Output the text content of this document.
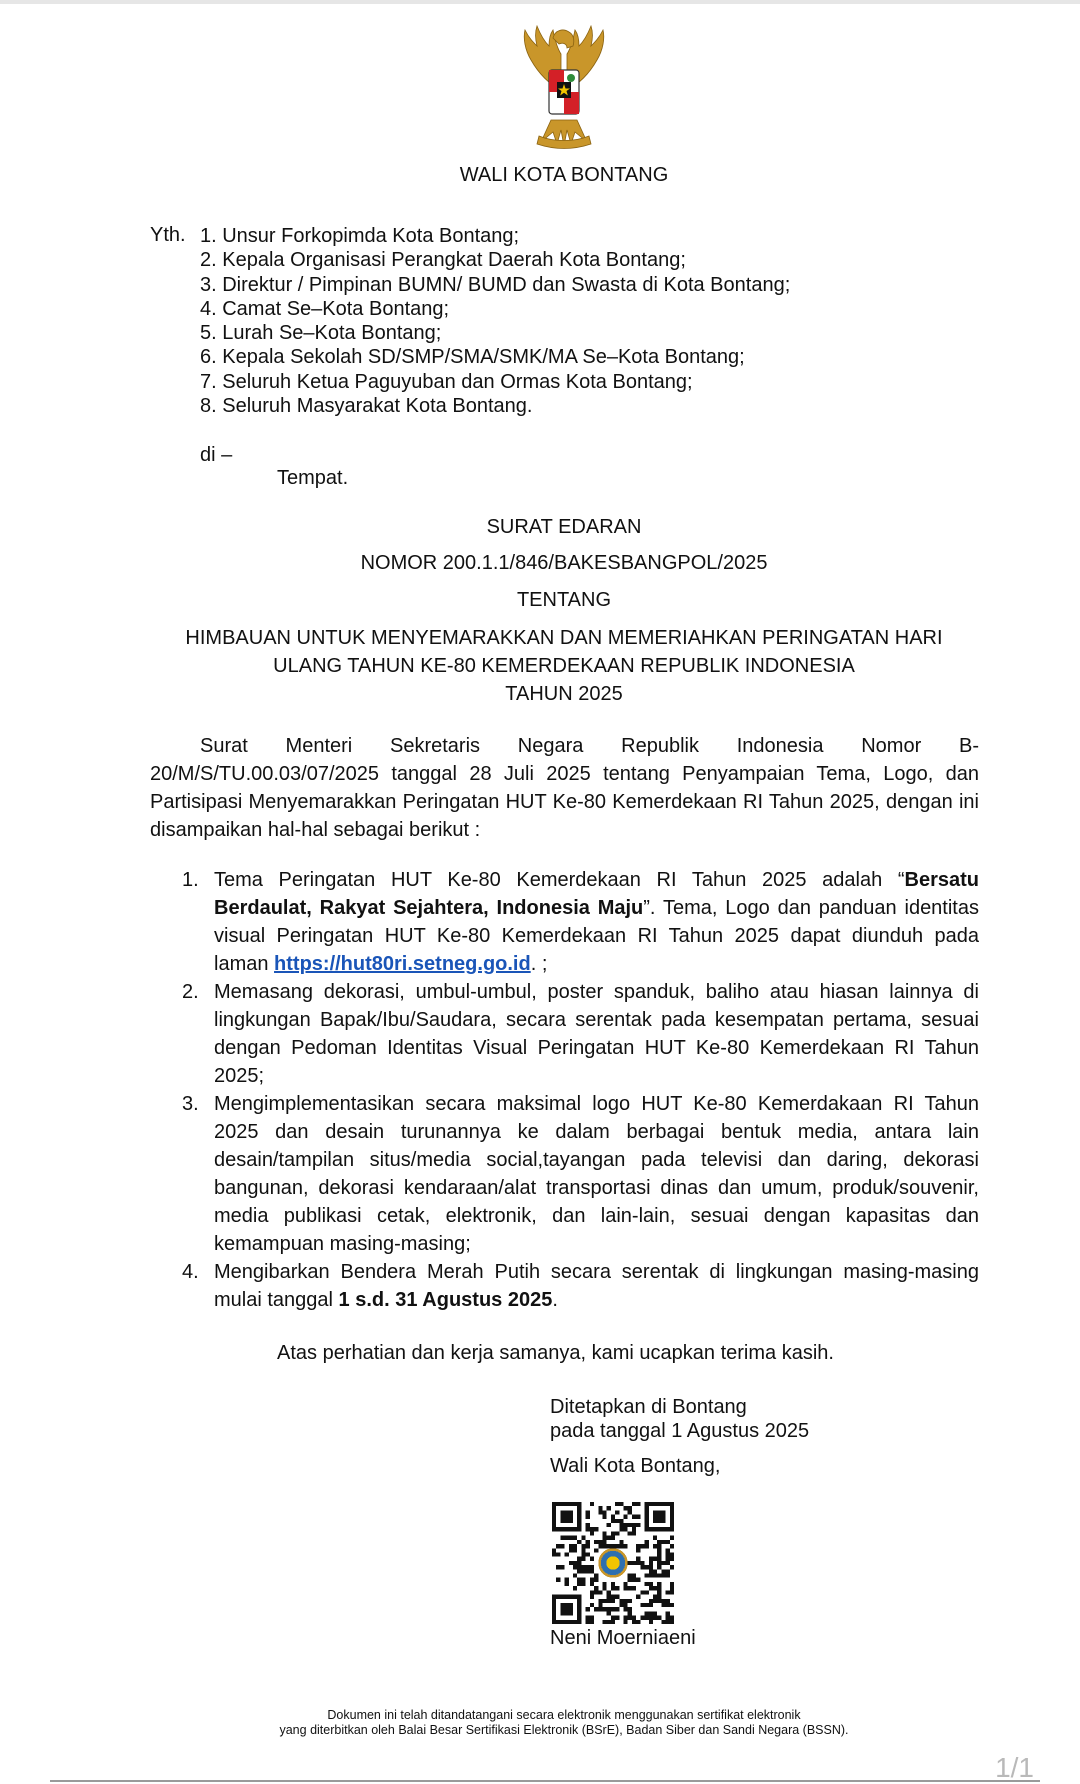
WALI KOTA BONTANG
Yth. 1. Unsur Forkopimda Kota Bontang;
2. Kepala Organisasi Perangkat Daerah Kota Bontang;
3. Direktur / Pimpinan BUMN/ BUMD dan Swasta di Kota Bontang;
4. Camat Se–Kota Bontang;
5. Lurah Se–Kota Bontang;
6. Kepala Sekolah SD/SMP/SMA/SMK/MA Se–Kota Bontang;
7. Seluruh Ketua Paguyuban dan Ormas Kota Bontang;
8. Seluruh Masyarakat Kota Bontang.
di –
Tempat.
SURAT EDARAN
NOMOR 200.1.1/846/BAKESBANGPOL/2025
TENTANG
HIMBAUAN UNTUK MENYEMARAKKAN DAN MEMERIAHKAN PERINGATAN HARI
ULANG TAHUN KE-80 KEMERDEKAAN REPUBLIK INDONESIA
TAHUN 2025

Surat Menteri Sekretaris Negara Republik Indonesia Nomor B-20/M/S/TU.00.03/07/2025 tanggal 28 Juli 2025 tentang Penyampaian Tema, Logo, dan Partisipasi Menyemarakkan Peringatan HUT Ke-80 Kemerdekaan RI Tahun 2025, dengan ini disampaikan hal-hal sebagai berikut :

1. Tema Peringatan HUT Ke-80 Kemerdekaan RI Tahun 2025 adalah “Bersatu Berdaulat, Rakyat Sejahtera, Indonesia Maju”. Tema, Logo dan panduan identitas visual Peringatan HUT Ke-80 Kemerdekaan RI Tahun 2025 dapat diunduh pada laman https://hut80ri.setneg.go.id. ;
2. Memasang dekorasi, umbul-umbul, poster spanduk, baliho atau hiasan lainnya di lingkungan Bapak/Ibu/Saudara, secara serentak pada kesempatan pertama, sesuai dengan Pedoman Identitas Visual Peringatan HUT Ke-80 Kemerdekaan RI Tahun 2025;
3. Mengimplementasikan secara maksimal logo HUT Ke-80 Kemerdakaan RI Tahun 2025 dan desain turunannya ke dalam berbagai bentuk media, antara lain desain/tampilan situs/media social,tayangan pada televisi dan daring, dekorasi bangunan, dekorasi kendaraan/alat transportasi dinas dan umum, produk/souvenir, media publikasi cetak, elektronik, dan lain-lain, sesuai dengan kapasitas dan kemampuan masing-masing;
4. Mengibarkan Bendera Merah Putih secara serentak di lingkungan masing-masing mulai tanggal 1 s.d. 31 Agustus 2025.
Atas perhatian dan kerja samanya, kami ucapkan terima kasih.
Ditetapkan di Bontang
pada tanggal 1 Agustus 2025
Wali Kota Bontang,
Neni Moerniaeni
Dokumen ini telah ditandatangani secara elektronik menggunakan sertifikat elektronik
yang diterbitkan oleh Balai Besar Sertifikasi Elektronik (BSrE), Badan Siber dan Sandi Negara (BSSN).
1/1
